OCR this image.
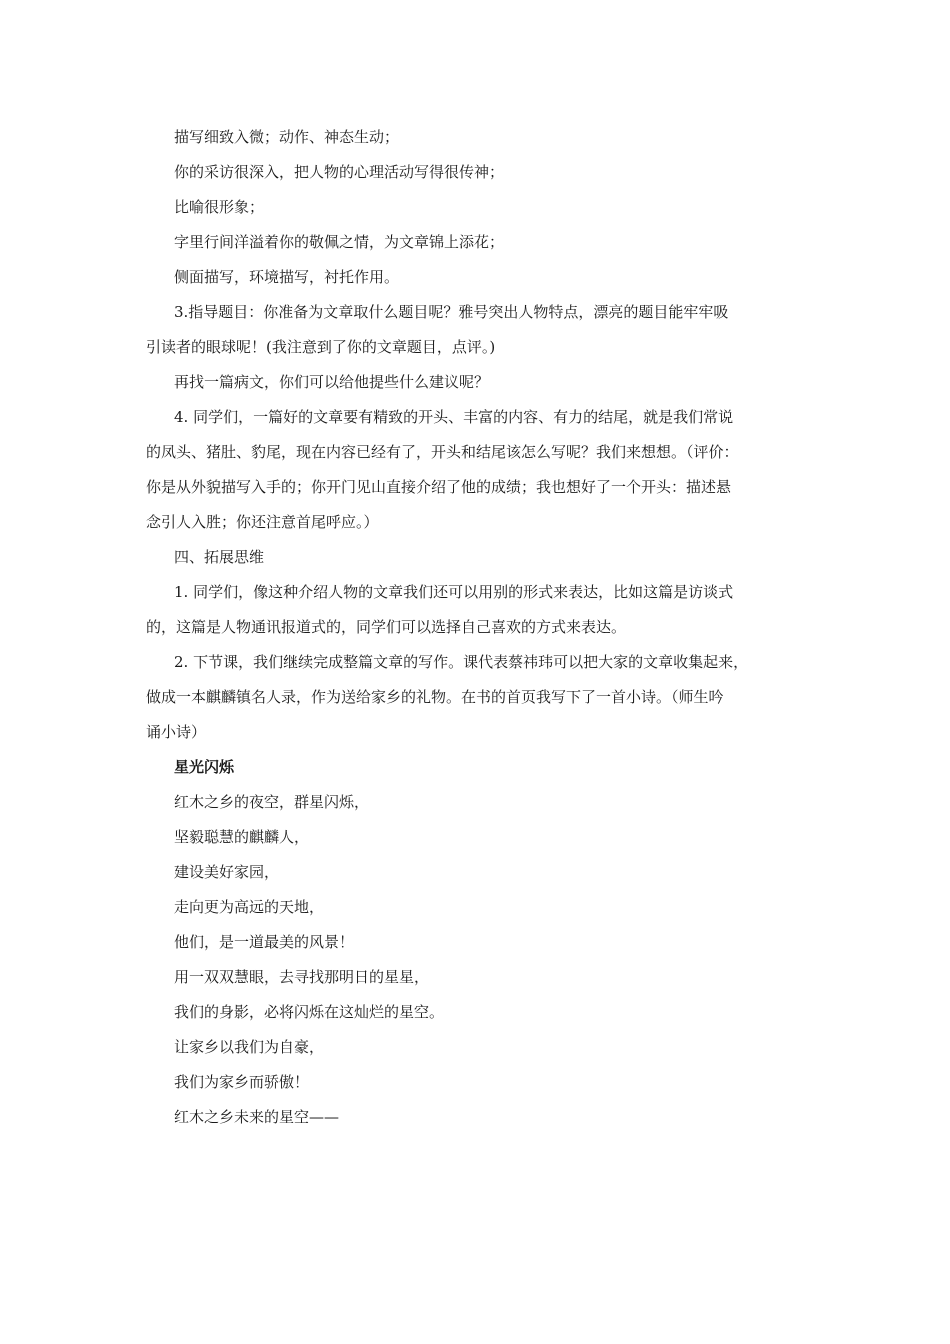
描写细致入微；动作、神态生动；
你的采访很深入，把人物的心理活动写得很传神；
比喻很形象；
字里行间洋溢着你的敬佩之情，为文章锦上添花；
侧面描写，环境描写，衬托作用。
3.指导题目：你准备为文章取什么题目呢？雅号突出人物特点，漂亮的题目能牢牢吸
引读者的眼球呢！(我注意到了你的文章题目，点评。)
再找一篇病文，你们可以给他提些什么建议呢？
4. 同学们，一篇好的文章要有精致的开头、丰富的内容、有力的结尾，就是我们常说
的凤头、猪肚、豹尾，现在内容已经有了，开头和结尾该怎么写呢？我们来想想。（评价：
你是从外貌描写入手的；你开门见山直接介绍了他的成绩；我也想好了一个开头：描述悬
念引人入胜；你还注意首尾呼应。）
四、拓展思维
1. 同学们，像这种介绍人物的文章我们还可以用别的形式来表达，比如这篇是访谈式
的，这篇是人物通讯报道式的，同学们可以选择自己喜欢的方式来表达。
2. 下节课，我们继续完成整篇文章的写作。课代表蔡祎玮可以把大家的文章收集起来，
做成一本麒麟镇名人录，作为送给家乡的礼物。在书的首页我写下了一首小诗。（师生吟
诵小诗）
星光闪烁
红木之乡的夜空，群星闪烁，
坚毅聪慧的麒麟人，
建设美好家园，
走向更为高远的天地，
他们，是一道最美的风景！
用一双双慧眼，去寻找那明日的星星，
我们的身影，必将闪烁在这灿烂的星空。
让家乡以我们为自豪，
我们为家乡而骄傲！
红木之乡未来的星空——
